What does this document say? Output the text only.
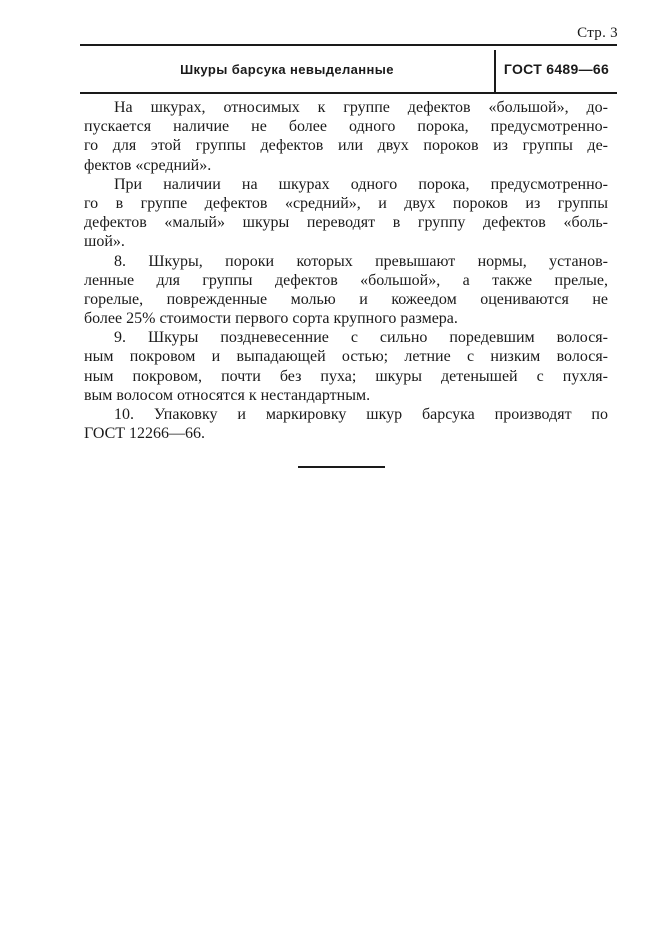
Стр. 3
Шкуры барсука невыделанные	ГОСТ 6489—66
На шкурах, относимых к группе дефектов «большой», до-
пускается наличие не более одного порока, предусмотренно-
го для этой группы дефектов или двух пороков из группы де-
фектов «средний».
При наличии на шкурах одного порока, предусмотренно-
го в группе дефектов «средний», и двух пороков из группы
дефектов «малый» шкуры переводят в группу дефектов «боль-
шой».
8. Шкуры, пороки которых превышают нормы, установ-
ленные для группы дефектов «большой», а также прелые,
горелые, поврежденные молью и кожеедом оцениваются не
более 25% стоимости первого сорта крупного размера.
9. Шкуры поздневесенние с сильно поредевшим волося-
ным покровом и выпадающей остью; летние с низким волося-
ным покровом, почти без пуха; шкуры детенышей с пухля-
вым волосом относятся к нестандартным.
10. Упаковку и маркировку шкур барсука производят по
ГОСТ 12266—66.
